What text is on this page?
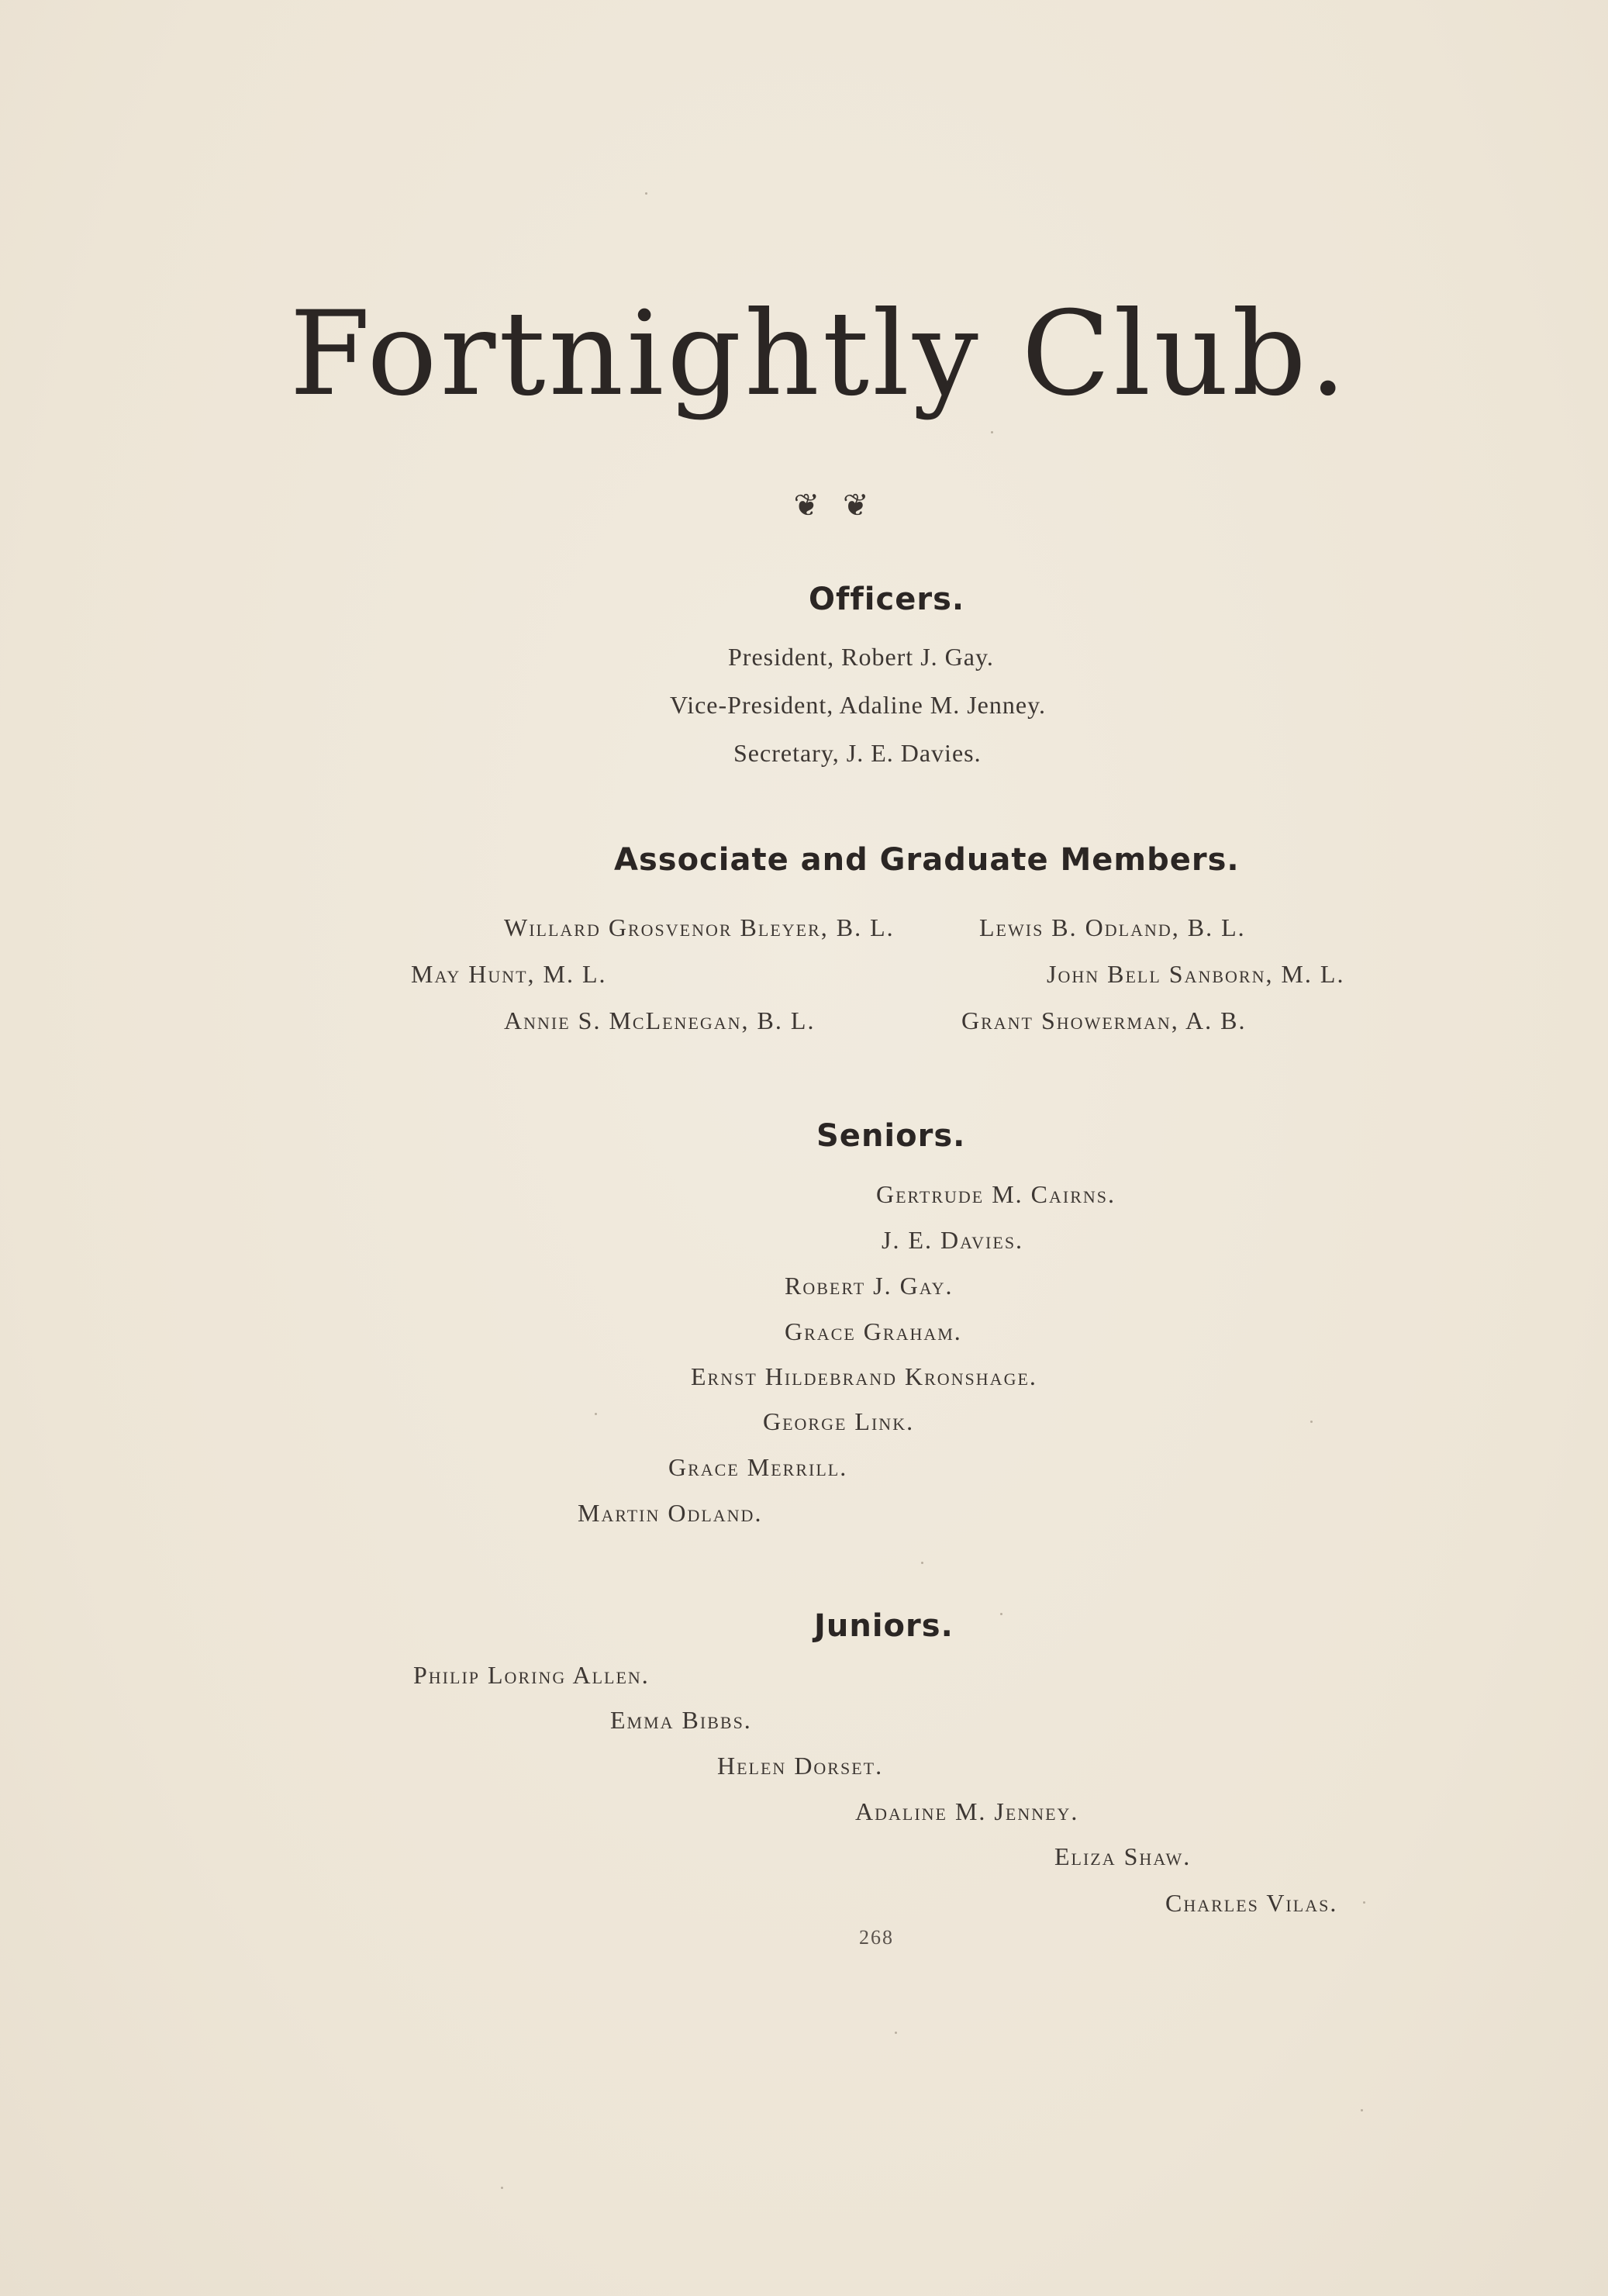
Fortnightly Club.
❦ ❦
Officers.
President, Robert J. Gay.
Vice-President, Adaline M. Jenney.
Secretary, J. E. Davies.
Associate and Graduate Members.
Willard Grosvenor Bleyer, B. L.	Lewis B. Odland, B. L.
May Hunt, M. L.	John Bell Sanborn, M. L.
Annie S. McLenegan, B. L.	Grant Showerman, A. B.
Seniors.
Gertrude M. Cairns.
J. E. Davies.
Robert J. Gay.
Grace Graham.
Ernst Hildebrand Kronshage.
George Link.
Grace Merrill.
Martin Odland.
Juniors.
Philip Loring Allen.
Emma Bibbs.
Helen Dorset.
Adaline M. Jenney.
Eliza Shaw.
Charles Vilas.
268
